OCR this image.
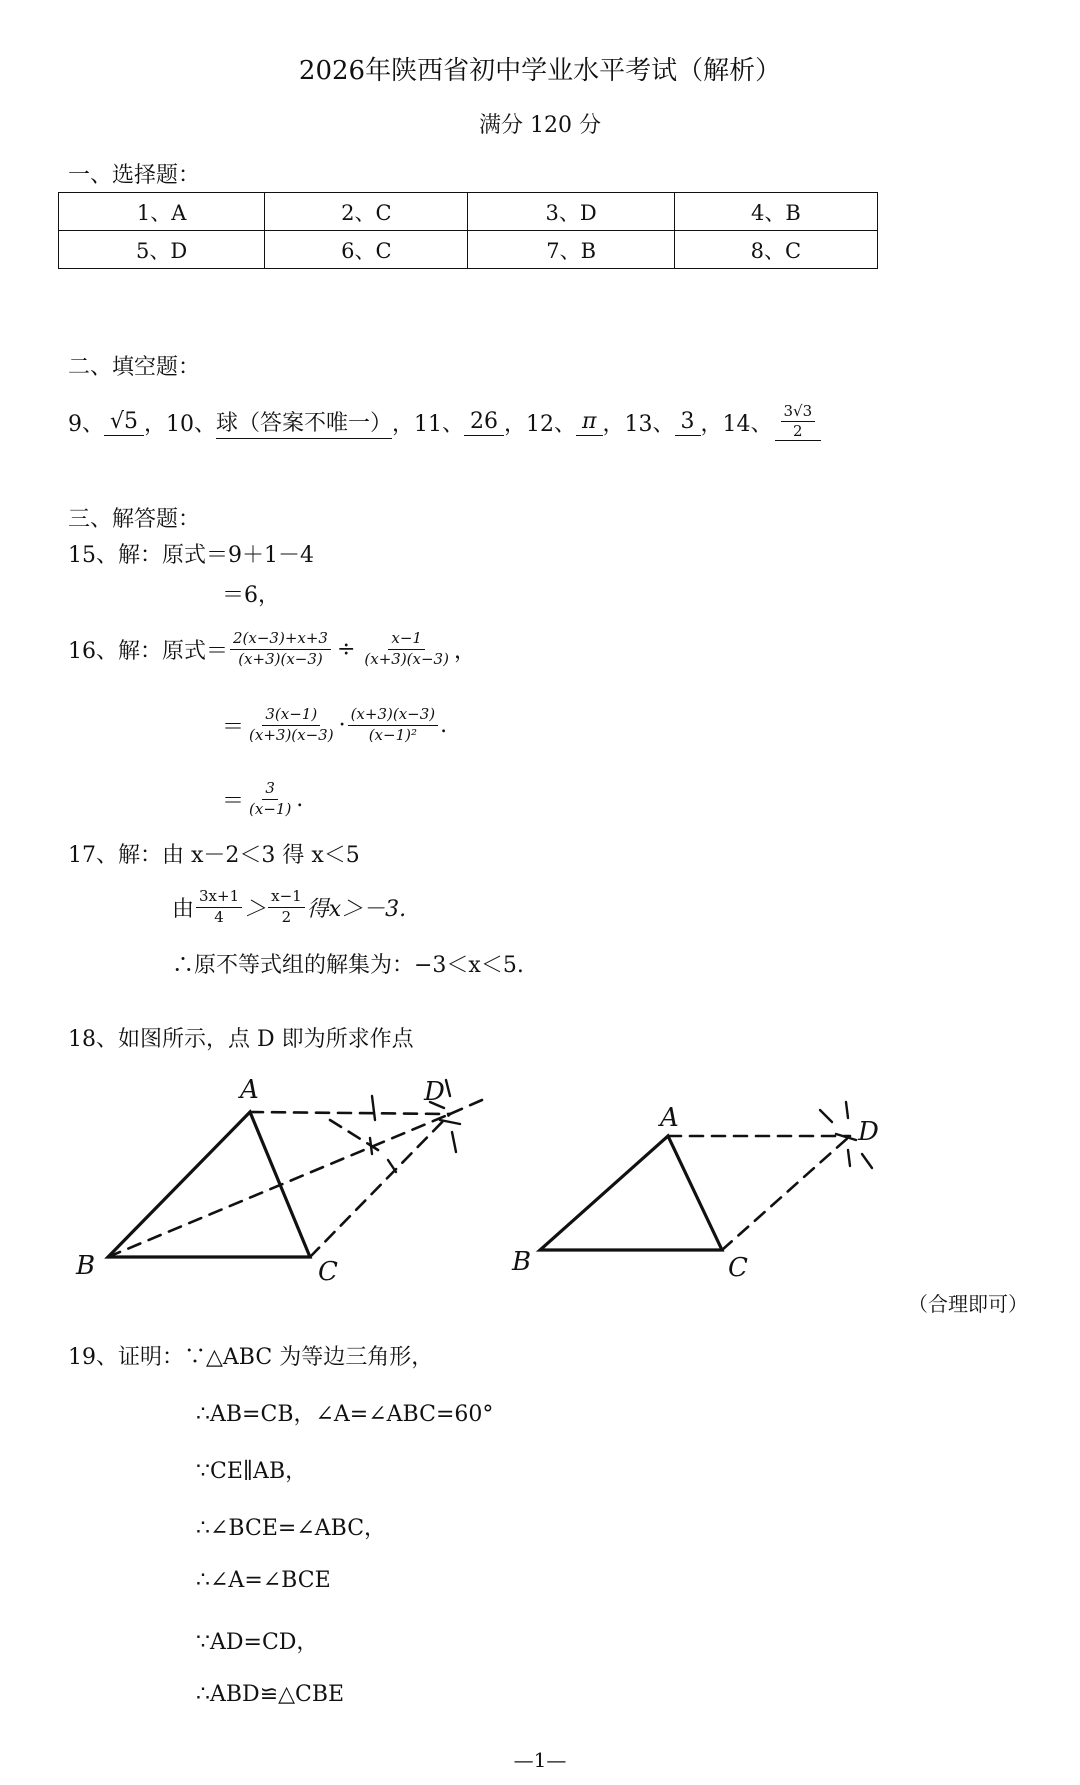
2026年陕西省初中学业水平考试（解析）
满分 120 分
一、选择题：
1、A	2、C	3、D	4、B
5、D	6、C	7、B	8、C
二、填空题：
9、 √5 ，10、 球（答案不唯一） ，11、 26 ，12、 π ，13、 3 ，14、 $\frac{3√3}{2}$
三、解答题：
15、解：原式＝9＋1－4
＝6，
16、解：原式＝ $\frac{2(x-3)+x+3}{(x+3)(x-3)} \div \frac{x-1}{(x+3)(x-3)}$ ，
＝ $\frac{3(x-1)}{(x+3)(x-3)} \cdot \frac{(x+3)(x-3)}{\text{(x−1)²}}$ .
＝ $\frac{3}{(x-1)}$ .
17、解：由 x－2＜3 得 x＜5
由 $\frac{3x+1}{4} > \frac{x-1}{2}$ 得x＞－3.
∴原不等式组的解集为：−3＜x＜5.
18、如图所示，点 D 即为所求作点
A
B	C
D
A
B	C
D
（合理即可）
19、证明：∵△ABC 为等边三角形，
∴AB=CB，∠A=∠ABC=60°
∵CE∥AB，
∴∠BCE=∠ABC，
∴∠A=∠BCE
∵AD=CD，
∴ABD≌△CBE
—1—
